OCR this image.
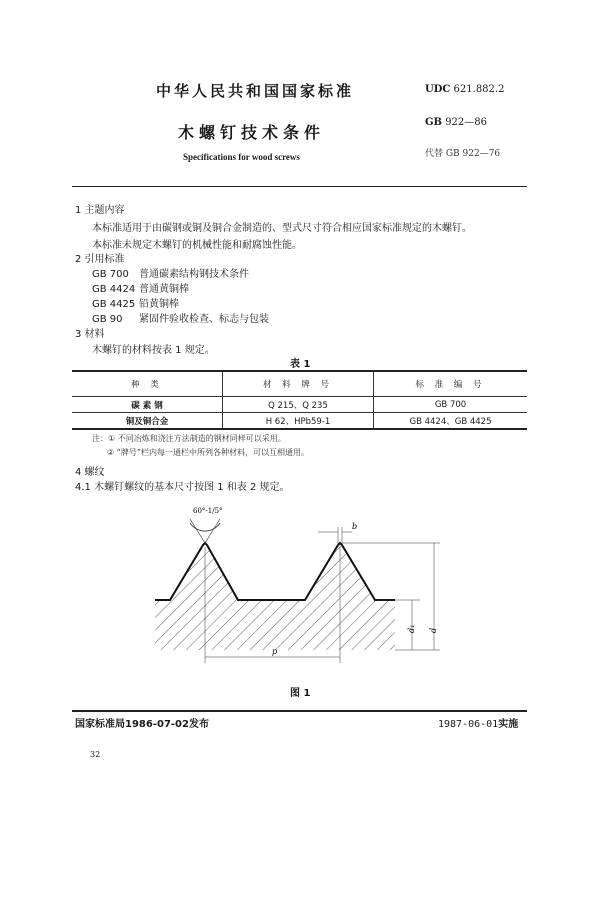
中华人民共和国国家标准
木螺钉技术条件
Specifications for wood screws
UDC 621.882.2
GB 922—86
代替 GB 922—76
1 主题内容
本标准适用于由碳钢或铜及铜合金制造的、型式尺寸符合相应国家标准规定的木螺钉。
本标准未规定木螺钉的机械性能和耐腐蚀性能。
2 引用标准
GB 700 普通碳素结构钢技术条件
GB 4424 普通黄铜棒
GB 4425 铅黄铜棒
GB 90 紧固件验收检查、标志与包装
3 材料
木螺钉的材料按表 1 规定。
表 1
种 类	材 料 牌 号	标 准 编 号
碳 素 钢	Q 215、Q 235	GB 700
铜及铜合金	H 62、HPb59-1	GB 4424、GB 4425
注：① 不同冶炼和浇注方法制造的钢材同样可以采用。
② “牌号”栏内每一通栏中所列各种材料，可以互相通用。
4 螺纹
4.1 木螺钉螺纹的基本尺寸按图 1 和表 2 规定。
60°-1/5°
b
d₁ d
p
图 1
国家标准局1986-07-02发布	1987-06-01实施
32
